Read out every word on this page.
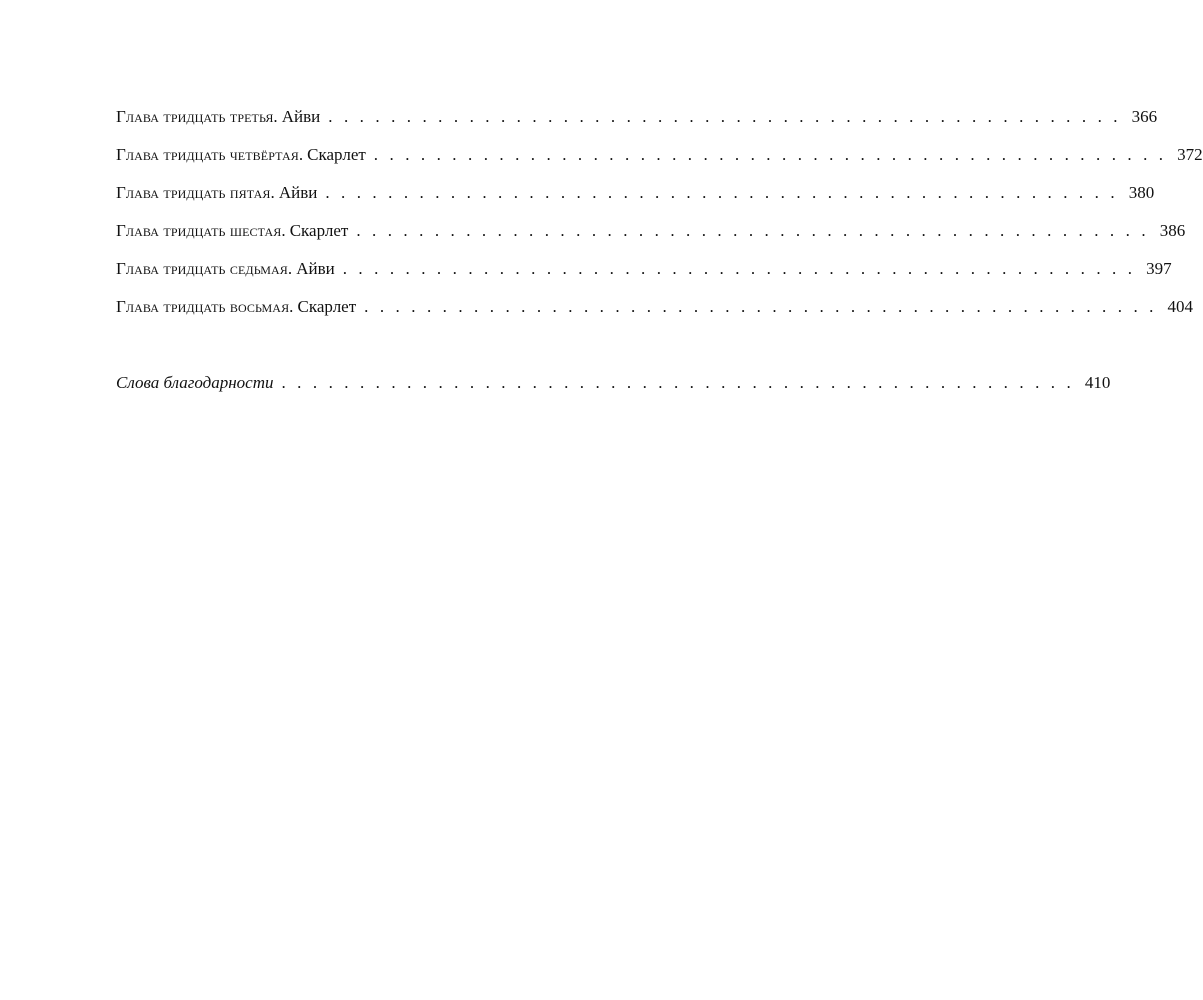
Глава тридцать третья. Айви . . . . . . . . . . . . . . . . . . . . . . . . . . . . . . . . . . . . . . . . . . . . . . . . . . . 366
Глава тридцать четвёртая. Скарлет . . . . . . . . . . . . . . . . . . . . . . . . . . . . . . . . . . . . . . . . . . . . . . . . . . . 372
Глава тридцать пятая. Айви . . . . . . . . . . . . . . . . . . . . . . . . . . . . . . . . . . . . . . . . . . . . . . . . . . . 380
Глава тридцать шестая. Скарлет . . . . . . . . . . . . . . . . . . . . . . . . . . . . . . . . . . . . . . . . . . . . . . . . . . . 386
Глава тридцать седьмая. Айви . . . . . . . . . . . . . . . . . . . . . . . . . . . . . . . . . . . . . . . . . . . . . . . . . . . 397
Глава тридцать восьмая. Скарлет . . . . . . . . . . . . . . . . . . . . . . . . . . . . . . . . . . . . . . . . . . . . . . . . . . . 404
Слова благодарности . . . . . . . . . . . . . . . . . . . . . . . . . . . . . . . . . . . . . . . . . . . . . . . . . . . 410
